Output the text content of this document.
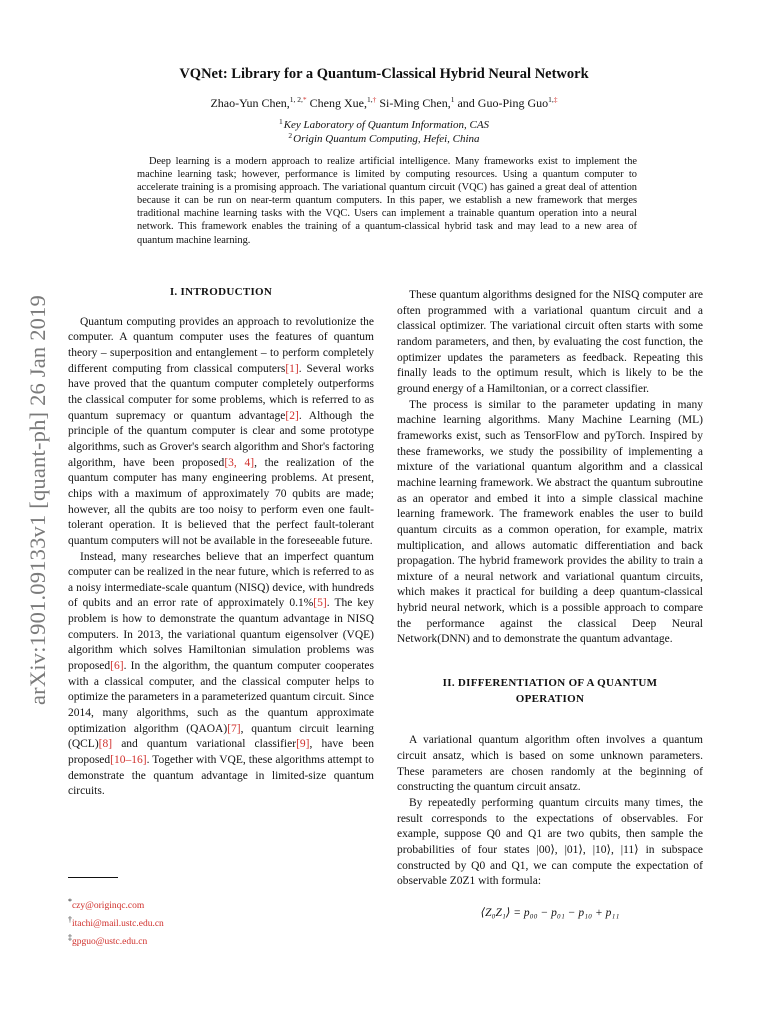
arXiv:1901.09133v1 [quant-ph] 26 Jan 2019
VQNet: Library for a Quantum-Classical Hybrid Neural Network
Zhao-Yun Chen,$^{1, 2,*}$ Cheng Xue,$^{1,\dagger}$ Si-Ming Chen,$^1$ and Guo-Ping Guo$^{1,\ddagger}$
$^1$Key Laboratory of Quantum Information, CAS
$^2$Origin Quantum Computing, Hefei, China
Deep learning is a modern approach to realize artificial intelligence. Many frameworks exist to implement the machine learning task; however, performance is limited by computing resources. Using a quantum computer to accelerate training is a promising approach. The variational quantum circuit (VQC) has gained a great deal of attention because it can be run on near-term quantum computers. In this paper, we establish a new framework that merges traditional machine learning tasks with the VQC. Users can implement a trainable quantum operation into a neural network. This framework enables the training of a quantum-classical hybrid task and may lead to a new area of quantum machine learning.
I. INTRODUCTION

Quantum computing provides an approach to revolutionize the computer. A quantum computer uses the features of quantum theory – superposition and entanglement – to perform completely different computing from classical computers[1]. Several works have proved that the quantum computer completely outperforms the classical computer for some problems, which is referred to as quantum supremacy or quantum advantage[2]. Although the principle of the quantum computer is clear and some prototype algorithms, such as Grover's search algorithm and Shor's factoring algorithm, have been proposed[3, 4], the realization of the quantum computer has many engineering problems. At present, chips with a maximum of approximately 70 qubits are made; however, all the qubits are too noisy to perform even one fault-tolerant operation. It is believed that the perfect fault-tolerant quantum computers will not be available in the foreseeable future.

Instead, many researches believe that an imperfect quantum computer can be realized in the near future, which is referred to as a noisy intermediate-scale quantum (NISQ) device, with hundreds of qubits and an error rate of approximately 0.1%[5]. The key problem is how to demonstrate the quantum advantage in NISQ computers. In 2013, the variational quantum eigensolver (VQE) algorithm which solves Hamiltonian simulation problems was proposed[6]. In the algorithm, the quantum computer cooperates with a classical computer, and the classical computer helps to optimize the parameters in a parameterized quantum circuit. Since 2014, many algorithms, such as the quantum approximate optimization algorithm (QAOA)[7], quantum circuit learning (QCL)[8] and quantum variational classifier[9], have been proposed[10–16]. Together with VQE, these algorithms attempt to demonstrate the quantum advantage in limited-size quantum circuits.

These quantum algorithms designed for the NISQ computer are often programmed with a variational quantum circuit and a classical optimizer. The variational circuit often starts with some random parameters, and then, by evaluating the cost function, the optimizer updates the parameters as feedback. Repeating this finally leads to the optimum result, which is likely to be the ground energy of a Hamiltonian, or a correct classifier.

The process is similar to the parameter updating in many machine learning algorithms. Many Machine Learning (ML) frameworks exist, such as TensorFlow and pyTorch. Inspired by these frameworks, we study the possibility of implementing a mixture of the variational quantum algorithm and a classical machine learning framework. We abstract the quantum subroutine as an operator and embed it into a simple classical machine learning framework. The framework enables the user to build quantum circuits as a common operation, for example, matrix multiplication, and allows automatic differentiation and back propagation. The hybrid framework provides the ability to train a mixture of a neural network and variational quantum circuits, which makes it practical for building a deep quantum-classical hybrid neural network, which is a possible approach to compare the performance against the classical Deep Neural Network(DNN) and to demonstrate the quantum advantage.

II. DIFFERENTIATION OF A QUANTUM OPERATION

A variational quantum algorithm often involves a quantum circuit ansatz, which is based on some unknown parameters. These parameters are chosen randomly at the beginning of constructing the quantum circuit ansatz.

By repeatedly performing quantum circuits many times, the result corresponds to the expectations of observables. For example, suppose Q0 and Q1 are two qubits, then sample the probabilities of four states |00⟩, |01⟩, |10⟩, |11⟩ in subspace constructed by Q0 and Q1, we can compute the expectation of observable Z0Z1 with formula:

⟨Z₀Z₁⟩ = p₀₀ − p₀₁ − p₁₀ + p₁₁
*czy@originqc.com
†itachi@mail.ustc.edu.cn
‡gpguo@ustc.edu.cn
